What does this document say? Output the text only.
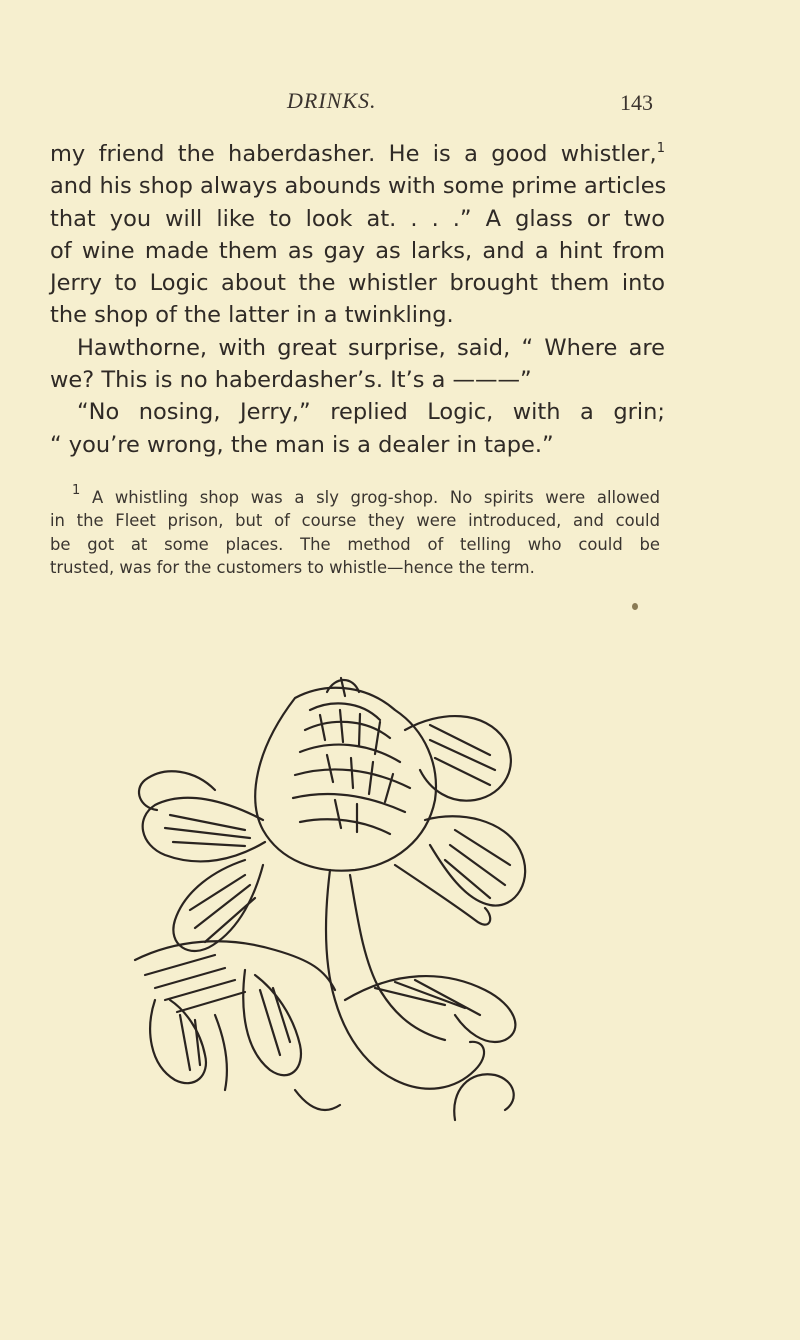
DRINKS.	143
my friend the haberdasher. He is a good whistler,$^1$
and his shop always abounds with some prime articles
that you will like to look at. . . .” A glass or two
of wine made them as gay as larks, and a hint from
Jerry to Logic about the whistler brought them into
the shop of the latter in a twinkling.
Hawthorne, with great surprise, said, “ Where are
we? This is no haberdasher’s. It’s a ———”
“No nosing, Jerry,” replied Logic, with a grin;
“ you’re wrong, the man is a dealer in tape.”
$^1$ A whistling shop was a sly grog-shop. No spirits were allowed
in the Fleet prison, but of course they were introduced, and could
be got at some places. The method of telling who could be
trusted, was for the customers to whistle—hence the term.
